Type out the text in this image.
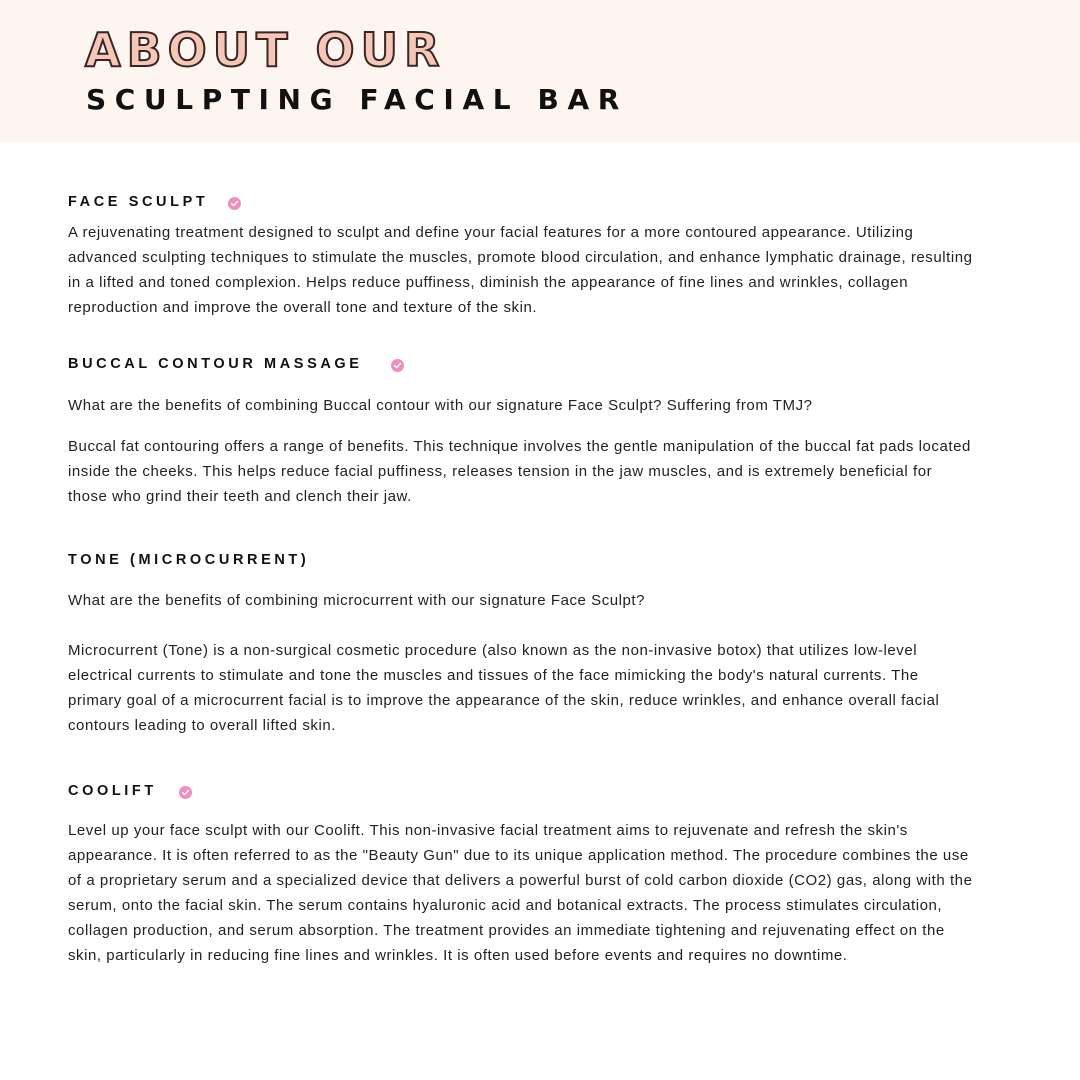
ABOUT OUR
SCULPTING FACIAL BAR
FACE SCULPT

A rejuvenating treatment designed to sculpt and define your facial features for a more contoured appearance. Utilizing advanced sculpting techniques to stimulate the muscles, promote blood circulation, and enhance lymphatic drainage, resulting in a lifted and toned complexion. Helps reduce puffiness, diminish the appearance of fine lines and wrinkles, collagen reproduction and improve the overall tone and texture of the skin.

BUCCAL CONTOUR MASSAGE

What are the benefits of combining Buccal contour with our signature Face Sculpt? Suffering from TMJ?

Buccal fat contouring offers a range of benefits. This technique involves the gentle manipulation of the buccal fat pads located inside the cheeks. This helps reduce facial puffiness, releases tension in the jaw muscles, and is extremely beneficial for those who grind their teeth and clench their jaw.

TONE (MICROCURRENT)

What are the benefits of combining microcurrent with our signature Face Sculpt?

Microcurrent (Tone) is a non-surgical cosmetic procedure (also known as the non-invasive botox) that utilizes low-level electrical currents to stimulate and tone the muscles and tissues of the face mimicking the body's natural currents. The primary goal of a microcurrent facial is to improve the appearance of the skin, reduce wrinkles, and enhance overall facial contours leading to overall lifted skin.

COOLIFT

Level up your face sculpt with our Coolift. This non-invasive facial treatment aims to rejuvenate and refresh the skin's appearance. It is often referred to as the "Beauty Gun" due to its unique application method. The procedure combines the use of a proprietary serum and a specialized device that delivers a powerful burst of cold carbon dioxide (CO2) gas, along with the serum, onto the facial skin. The serum contains hyaluronic acid and botanical extracts. The process stimulates circulation, collagen production, and serum absorption. The treatment provides an immediate tightening and rejuvenating effect on the skin, particularly in reducing fine lines and wrinkles. It is often used before events and requires no downtime.
